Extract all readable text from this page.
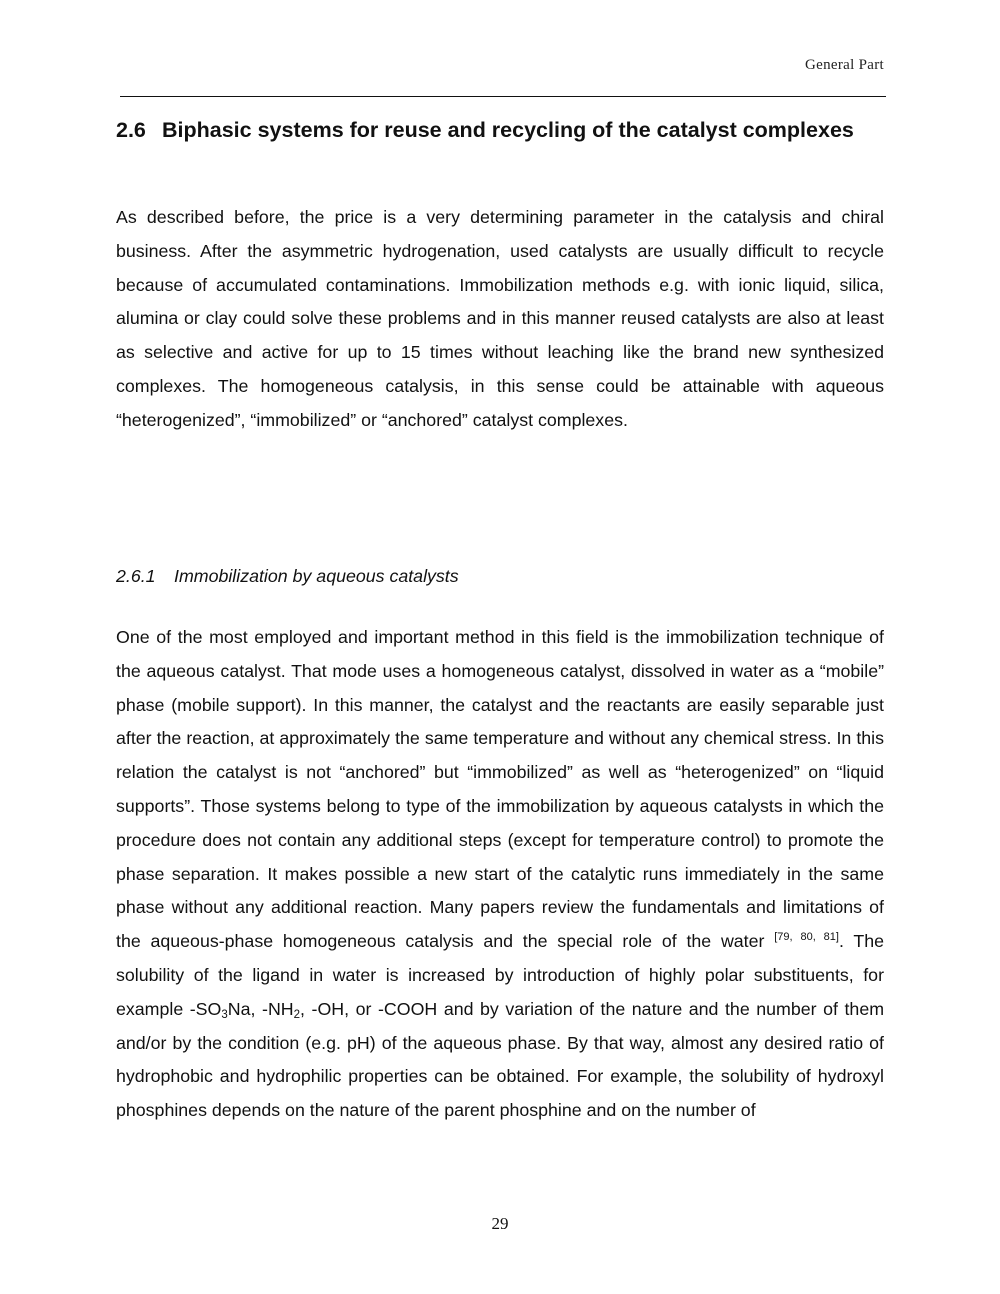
General Part
2.6 Biphasic systems for reuse and recycling of the catalyst complexes

As described before, the price is a very determining parameter in the catalysis and chiral business. After the asymmetric hydrogenation, used catalysts are usually difficult to recycle because of accumulated contaminations. Immobilization methods e.g. with ionic liquid, silica, alumina or clay could solve these problems and in this manner reused catalysts are also at least as selective and active for up to 15 times without leaching like the brand new synthesized complexes. The homogeneous catalysis, in this sense could be attainable with aqueous “heterogenized”, “immobilized” or “anchored” catalyst complexes.

2.6.1 Immobilization by aqueous catalysts

One of the most employed and important method in this field is the immobilization technique of the aqueous catalyst. That mode uses a homogeneous catalyst, dissolved in water as a “mobile” phase (mobile support). In this manner, the catalyst and the reactants are easily separable just after the reaction, at approximately the same temperature and without any chemical stress. In this relation the catalyst is not “anchored” but “immobilized” as well as “heterogenized” on “liquid supports”. Those systems belong to type of the immobilization by aqueous catalysts in which the procedure does not contain any additional steps (except for temperature control) to promote the phase separation. It makes possible a new start of the catalytic runs immediately in the same phase without any additional reaction. Many papers review the fundamentals and limitations of the aqueous-phase homogeneous catalysis and the special role of the water [79, 80, 81]. The solubility of the ligand in water is increased by introduction of highly polar substituents, for example $-SO_3Na$, $-NH_2$, -OH, or -COOH and by variation of the nature and the number of them and/or by the condition (e.g. pH) of the aqueous phase. By that way, almost any desired ratio of hydrophobic and hydrophilic properties can be obtained. For example, the solubility of hydroxyl phosphines depends on the nature of the parent phosphine and on the number of

29
